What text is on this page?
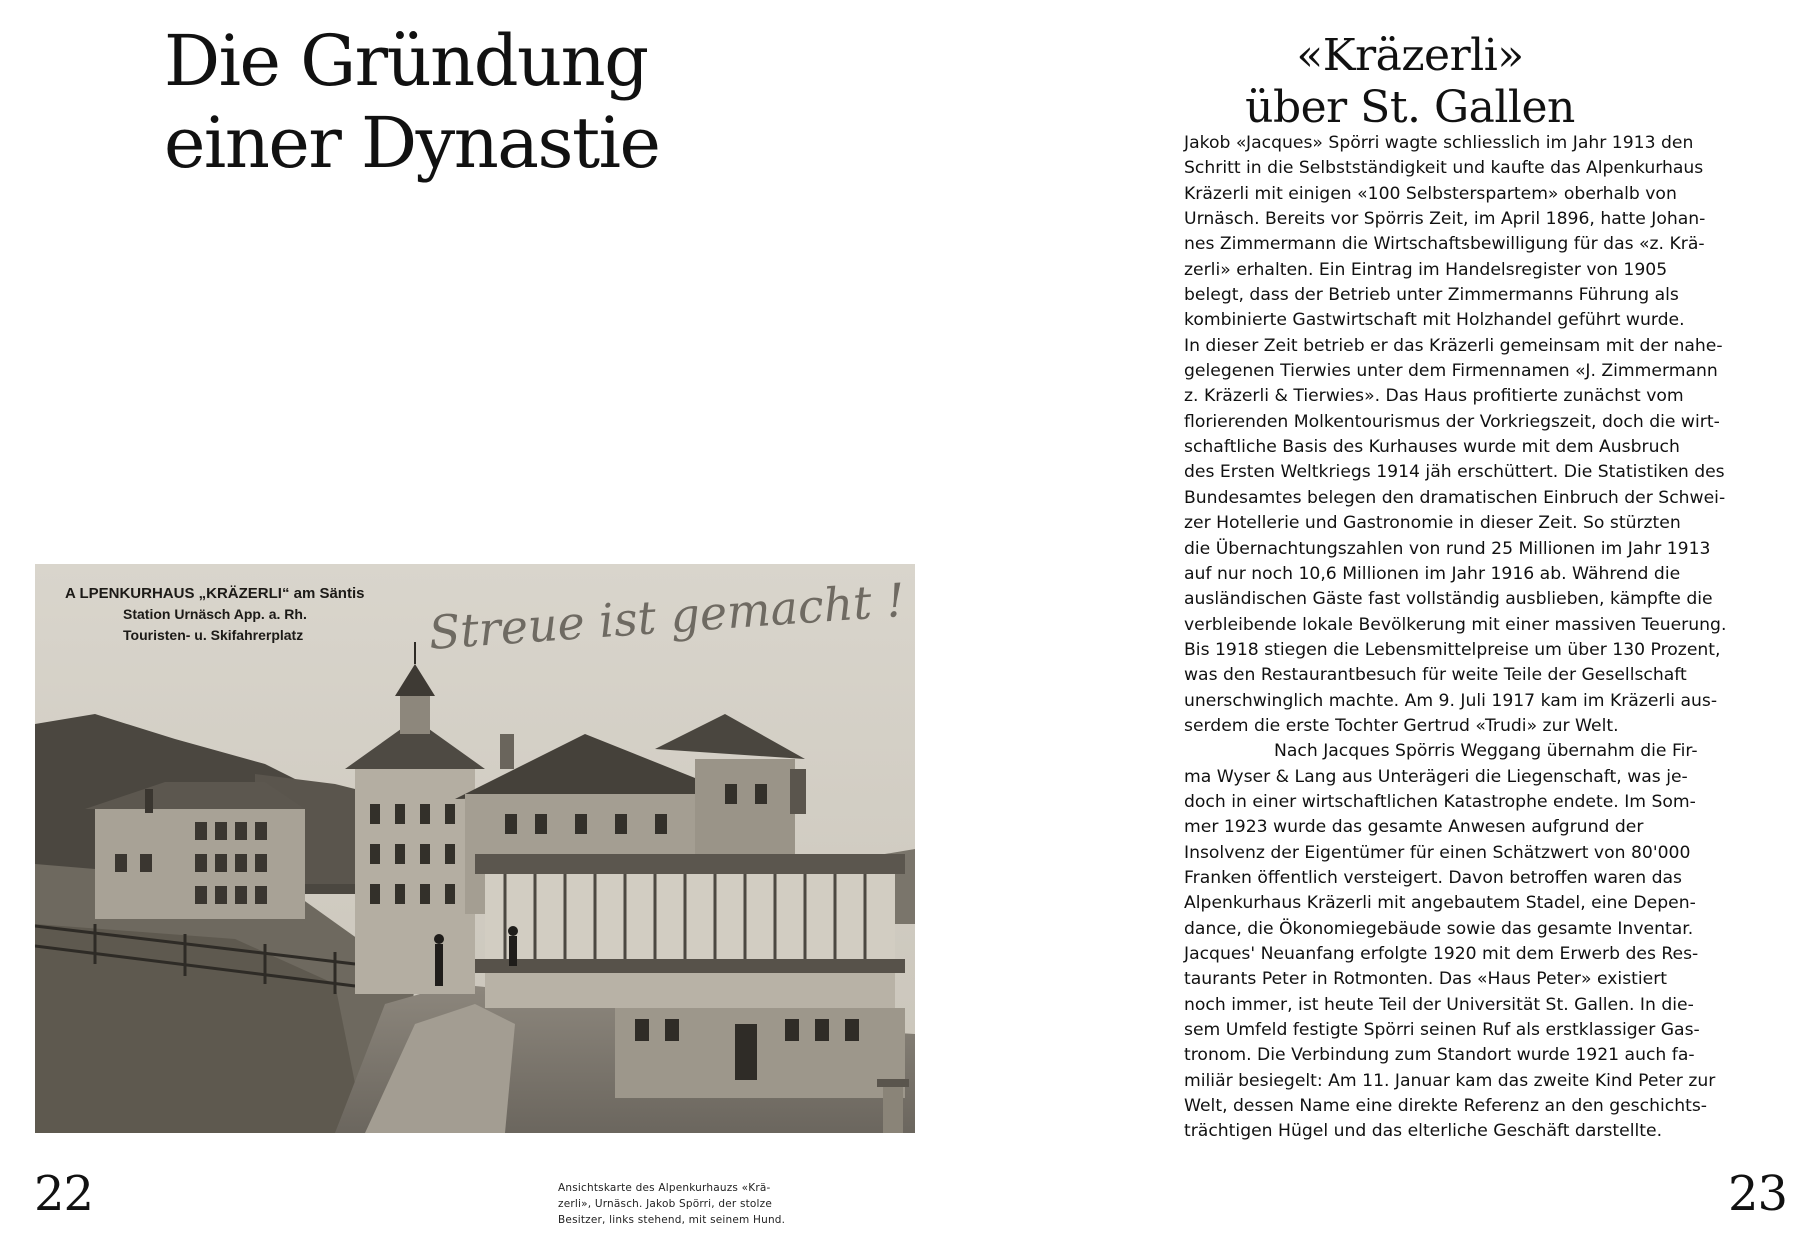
Die Gründung
einer Dynastie
A LPENKURHAUS „KRÄZERLI“ am Säntis
Station Urnäsch App. a. Rh.
Touristen- u. Skifahrerplatz	Streue ist gemacht !
22	Ansichtskarte des Alpenkurhauzs «Krä-
zerli», Urnäsch. Jakob Spörri, der stolze
Besitzer, links stehend, mit seinem Hund.
«Kräzerli»
über St. Gallen

Jakob «Jacques» Spörri wagte schliesslich im Jahr 1913 den
Schritt in die Selbstständigkeit und kaufte das Alpenkurhaus
Kräzerli mit einigen «100 Selbsterspartem» oberhalb von
Urnäsch. Bereits vor Spörris Zeit, im April 1896, hatte Johan-
nes Zimmermann die Wirtschaftsbewilligung für das «z. Krä-
zerli» erhalten. Ein Eintrag im Handelsregister von 1905
belegt, dass der Betrieb unter Zimmermanns Führung als
kombinierte Gastwirtschaft mit Holzhandel geführt wurde.

In dieser Zeit betrieb er das Kräzerli gemeinsam mit der nahe-
gelegenen Tierwies unter dem Firmennamen «J. Zimmermann
z. Kräzerli & Tierwies». Das Haus profitierte zunächst vom
florierenden Molkentourismus der Vorkriegszeit, doch die wirt-
schaftliche Basis des Kurhauses wurde mit dem Ausbruch
des Ersten Weltkriegs 1914 jäh erschüttert. Die Statistiken des
Bundesamtes belegen den dramatischen Einbruch der Schwei-
zer Hotellerie und Gastronomie in dieser Zeit. So stürzten
die Übernachtungszahlen von rund 25 Millionen im Jahr 1913
auf nur noch 10,6 Millionen im Jahr 1916 ab. Während die
ausländischen Gäste fast vollständig ausblieben, kämpfte die
verbleibende lokale Bevölkerung mit einer massiven Teuerung.
Bis 1918 stiegen die Lebensmittelpreise um über 130 Prozent,
was den Restaurantbesuch für weite Teile der Gesellschaft
unerschwinglich machte. Am 9. Juli 1917 kam im Kräzerli aus-
serdem die erste Tochter Gertrud «Trudi» zur Welt.

Nach Jacques Spörris Weggang übernahm die Fir-
ma Wyser & Lang aus Unterägeri die Liegenschaft, was je-
doch in einer wirtschaftlichen Katastrophe endete. Im Som-
mer 1923 wurde das gesamte Anwesen aufgrund der
Insolvenz der Eigentümer für einen Schätzwert von 80'000
Franken öffentlich versteigert. Davon betroffen waren das
Alpenkurhaus Kräzerli mit angebautem Stadel, eine Depen-
dance, die Ökonomiegebäude sowie das gesamte Inventar.
Jacques' Neuanfang erfolgte 1920 mit dem Erwerb des Res-
taurants Peter in Rotmonten. Das «Haus Peter» existiert
noch immer, ist heute Teil der Universität St. Gallen. In die-
sem Umfeld festigte Spörri seinen Ruf als erstklassiger Gas-
tronom. Die Verbindung zum Standort wurde 1921 auch fa-
miliär besiegelt: Am 11. Januar kam das zweite Kind Peter zur
Welt, dessen Name eine direkte Referenz an den geschichts-
trächtigen Hügel und das elterliche Geschäft darstellte.

23
